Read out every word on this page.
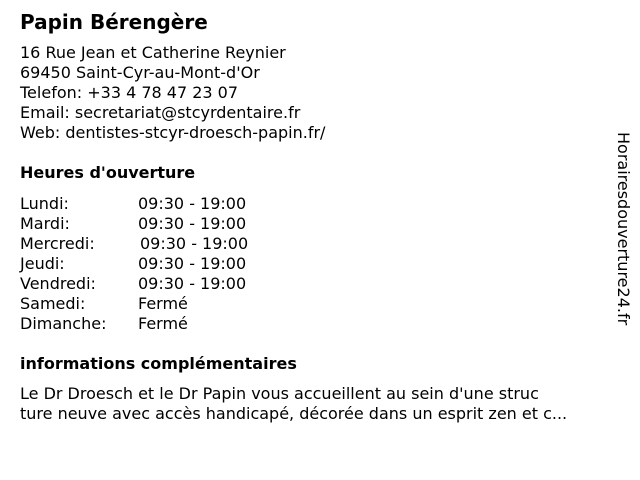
Papin Bérengère
16 Rue Jean et Catherine Reynier
69450 Saint-Cyr-au-Mont-d'Or
Telefon: +33 4 78 47 23 07
Email: secretariat@stcyrdentaire.fr
Web: dentistes-stcyr-droesch-papin.fr/
Heures d'ouverture
Lundi:	09:30 - 19:00
Mardi:	09:30 - 19:00
Mercredi:	09:30 - 19:00
Jeudi:	09:30 - 19:00
Vendredi:	09:30 - 19:00
Samedi:	Fermé
Dimanche:	Fermé
informations complémentaires
Le Dr Droesch et le Dr Papin vous accueillent au sein d'une struc
ture neuve avec accès handicapé, décorée dans un esprit zen et c...
Horairesdouverture24.fr
